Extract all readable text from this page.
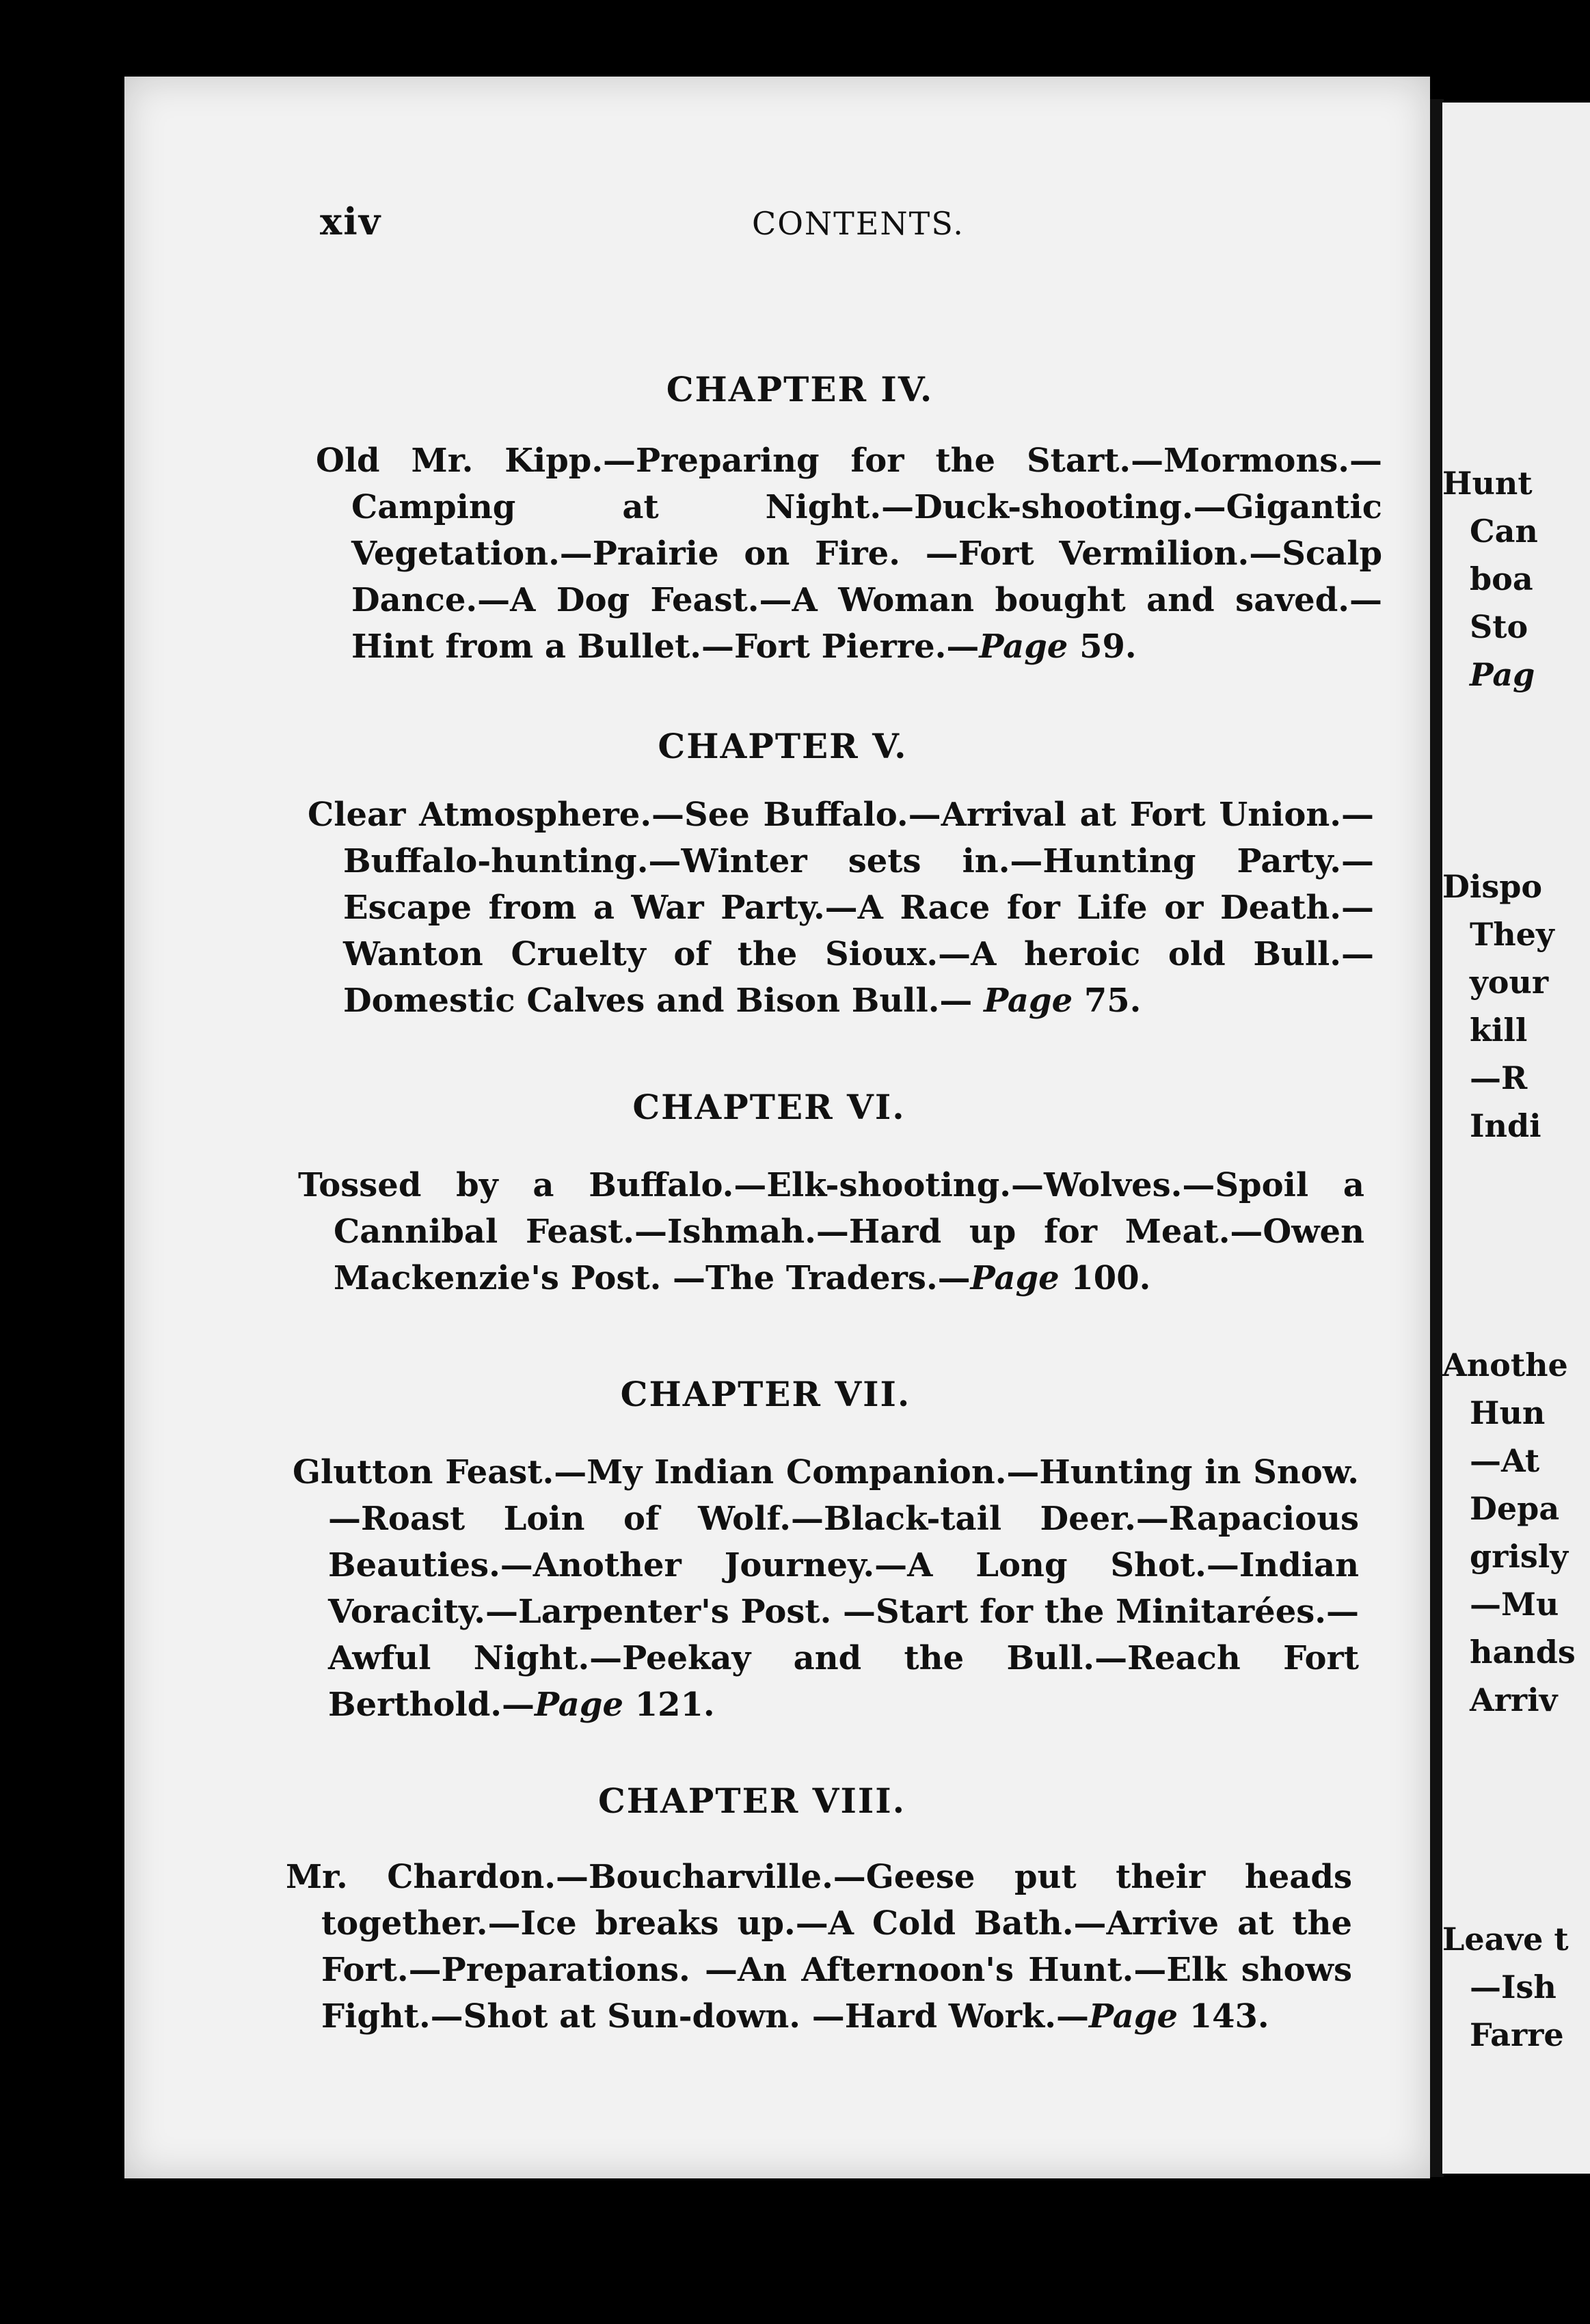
Hunt
Can
boa
Sto
Pag
Dispo
They
your
kill
—R
Indi
Anothe
Hun
—At
Depa
grisly
—Mu
hands
Arriv
Leave t
—Ish
Farre
xiv	CONTENTS.
CHAPTER IV.
Old Mr. Kipp.—Preparing for the Start.—Mormons.—Camping at Night.—Duck-shooting.—Gigantic Vegetation.—Prairie on Fire. —Fort Vermilion.—Scalp Dance.—A Dog Feast.—A Woman bought and saved.—Hint from a Bullet.—Fort Pierre.—Page 59.
CHAPTER V.
Clear Atmosphere.—See Buffalo.—Arrival at Fort Union.—Buffalo-hunting.—Winter sets in.—Hunting Party.—Escape from a War Party.—A Race for Life or Death.—Wanton Cruelty of the Sioux.—A heroic old Bull.—Domestic Calves and Bison Bull.— Page 75.
CHAPTER VI.
Tossed by a Buffalo.—Elk-shooting.—Wolves.—Spoil a Cannibal Feast.—Ishmah.—Hard up for Meat.—Owen Mackenzie's Post. —The Traders.—Page 100.
CHAPTER VII.
Glutton Feast.—My Indian Companion.—Hunting in Snow.—Roast Loin of Wolf.—Black-tail Deer.—Rapacious Beauties.—Another Journey.—A Long Shot.—Indian Voracity.—Larpenter's Post. —Start for the Minitarées.—Awful Night.—Peekay and the Bull.—Reach Fort Berthold.—Page 121.
CHAPTER VIII.
Mr. Chardon.—Boucharville.—Geese put their heads together.—Ice breaks up.—A Cold Bath.—Arrive at the Fort.—Preparations. —An Afternoon's Hunt.—Elk shows Fight.—Shot at Sun-down. —Hard Work.—Page 143.
